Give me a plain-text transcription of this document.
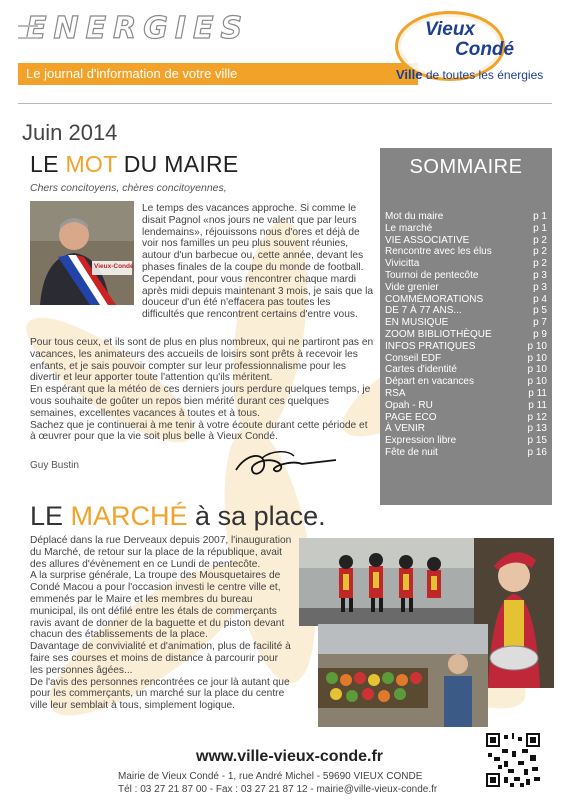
ENERGIES
Le journal d'information de votre ville
Vieux
Condé
Ville de toutes les énergies
Juin 2014
LE MOT DU MAIRE
Chers concitoyens, chères concitoyennes,
Vieux-Condé
Le temps des vacances approche. Si comme le disait Pagnol «nos jours ne valent que par leurs lendemains», réjouissons nous d'ores et déjà de voir nos familles un peu plus souvent réunies, autour d'un barbecue ou, cette année, devant les phases finales de la coupe du monde de football.
Cependant, pour vous rencontrer chaque mardi après midi depuis maintenant 3 mois, je sais que la douceur d'un été n'effacera pas toutes les difficultés que rencontrent certains d'entre vous.
Pour tous ceux, et ils sont de plus en plus nombreux, qui ne partiront pas en vacances, les animateurs des accueils de loisirs sont prêts à recevoir les enfants, et je sais pouvoir compter sur leur professionnalisme pour les divertir et leur apporter toute l'attention qu'ils méritent.
En espérant que la météo de ces derniers jours perdure quelques temps, je vous souhaite de goûter un repos bien mérité durant ces quelques semaines, excellentes vacances à toutes et à tous.
Sachez que je continuerai à me tenir à votre écoute durant cette période et à œuvrer pour que la vie soit plus belle à Vieux Condé.
Guy Bustin
SOMMAIRE
Mot du maire	p 1
Le marché	p 1
VIE ASSOCIATIVE	p 2
Rencontre avec les élus	p 2
Vivicitta	p 2
Tournoi de pentecôte	p 3
Vide grenier	p 3
COMMÉMORATIONS	p 4
DE 7 À 77 ANS...	p 5
EN MUSIQUE	p 7
ZOOM BIBLIOTHÈQUE	p 9
INFOS PRATIQUES	p 10
Conseil EDF	p 10
Cartes d'identité	p 10
Départ en vacances	p 10
RSA	p 11
Opah - RU	p 11
PAGE ECO	p 12
À VENIR	p 13
Expression libre	p 15
Fête de nuit	p 16
LE MARCHÉ à sa place.
Déplacé dans la rue Derveaux depuis 2007, l'inauguration du Marché, de retour sur la place de la république, avait des allures d'évènement en ce Lundi de pentecôte.
A la surprise générale, La troupe des Mousquetaires de Condé Macou a pour l'occasion investi le centre ville et, emmenés par le Maire et les membres du bureau municipal, ils ont défilé entre les étals de commerçants ravis avant de donner de la baguette et du piston devant chacun des établissements de la place.
Davantage de convivialité et d'animation, plus de facilité à faire ses courses et moins de distance à parcourir pour les personnes âgées...
De l'avis des personnes rencontrées ce jour là autant que pour les commerçants, un marché sur la place du centre ville leur semblait à tous, simplement logique.
www.ville-vieux-conde.fr
Mairie de Vieux Condé - 1, rue André Michel - 59690 VIEUX CONDE
Tél : 03 27 21 87 00 - Fax : 03 27 21 87 12 - mairie@ville-vieux-conde.fr
